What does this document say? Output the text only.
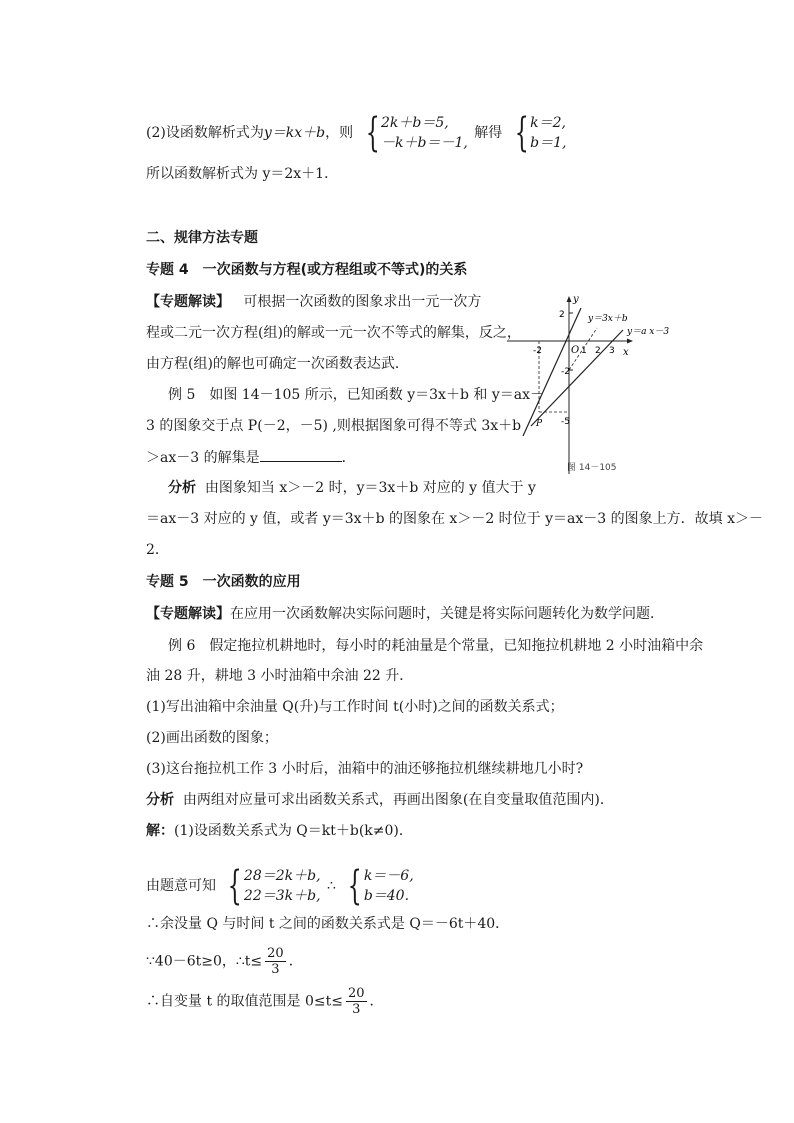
(2)设函数解析式为y＝kx＋b，则 { 2k＋b＝5,
－k＋b＝－1,
解得 { k＝2,
b＝1,
所以函数解析式为 y＝2x＋1．
二、规律方法专题
专题 4　一次函数与方程(或方程组或不等式)的关系
【专题解读】 可根据一次函数的图象求出一元一次方
程或二元一次方程(组)的解或一元一次不等式的解集，反之，
由方程(组)的解也可确定一次函数表达武．
例 5　如图 14－105 所示，已知函数 y＝3x＋b 和 y＝ax－
3 的图象交于点 P(－2，－5) ,则根据图象可得不等式 3x＋b
＞ax－3 的解集是	．
分析 由图象知当 x＞－2 时，y＝3x＋b 对应的 y 值大于 y
＝ax－3 对应的 y 值，或者 y＝3x＋b 的图象在 x＞－2 时位于 y＝ax－3 的图象上方．故填 x＞－
2．
y
x
O
-2	1 2 3
2
-2
-5
y＝3x＋b
y＝a x－3
P
图 14－105
专题 5　一次函数的应用
【专题解读】在应用一次函数解决实际问题时，关键是将实际问题转化为数学问题．
例 6　假定拖拉机耕地时，每小时的耗油量是个常量，已知拖拉机耕地 2 小时油箱中余
油 28 升，耕地 3 小时油箱中余油 22 升．
(1)写出油箱中余油量 Q(升)与工作时间 t(小时)之间的函数关系式；
(2)画出函数的图象；
(3)这台拖拉机工作 3 小时后，油箱中的油还够拖拉机继续耕地几小时?
分析 由两组对应量可求出函数关系式，再画出图象(在自变量取值范围内)．
解：(1)设函数关系式为 Q＝kt＋b(k≠0)．
由题意可知 { 28＝2k＋b,
22＝3k＋b,
∴ { k＝－6,
b＝40.
∴余没量 Q 与时间 t 之间的函数关系式是 Q＝－6t＋40．
∵40－6t≥0，∴t≤ $\frac{20}{3}$ ．
∴自变量 t 的取值范围是 $0\le t\le \frac{20}{3}$ ．
